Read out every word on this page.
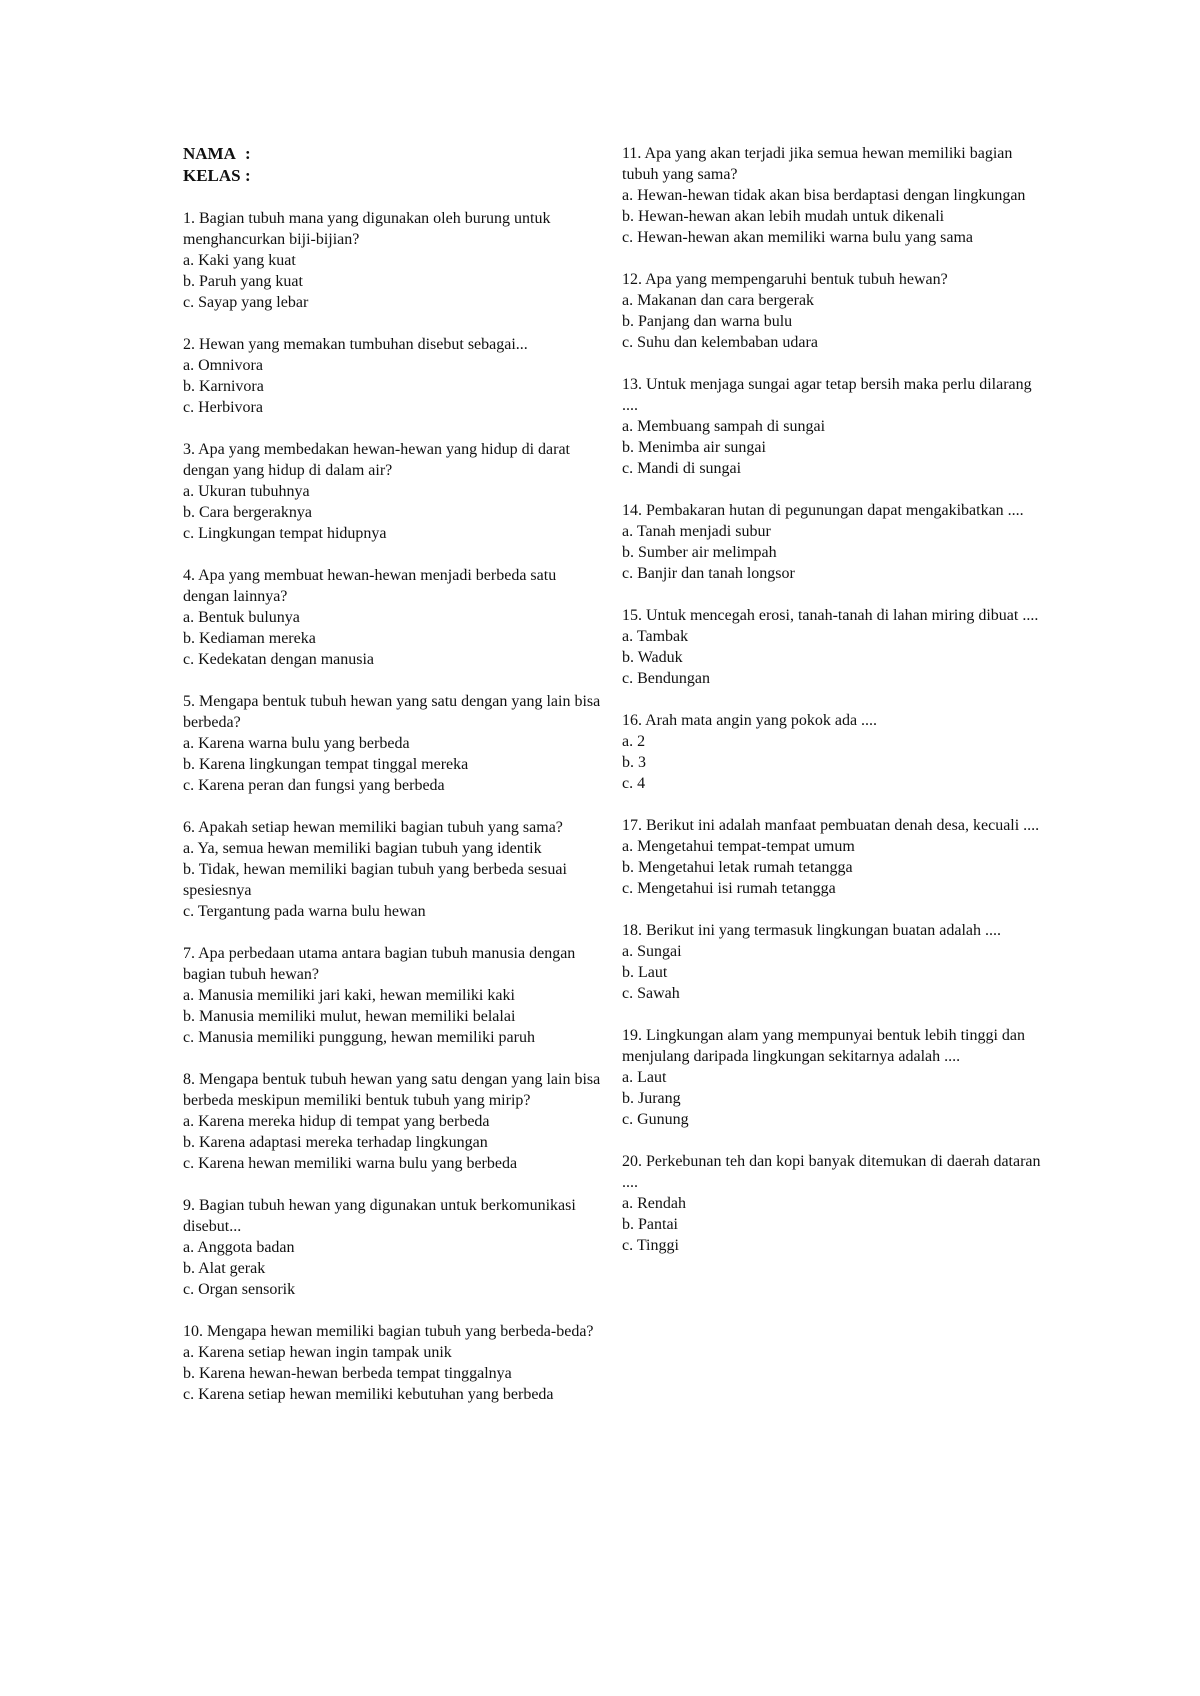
NAMA :
KELAS :
1. Bagian tubuh mana yang digunakan oleh burung untuk menghancurkan biji-bijian?
a. Kaki yang kuat
b. Paruh yang kuat
c. Sayap yang lebar
2. Hewan yang memakan tumbuhan disebut sebagai...
a. Omnivora
b. Karnivora
c. Herbivora
3. Apa yang membedakan hewan-hewan yang hidup di darat dengan yang hidup di dalam air?
a. Ukuran tubuhnya
b. Cara bergeraknya
c. Lingkungan tempat hidupnya
4. Apa yang membuat hewan-hewan menjadi berbeda satu dengan lainnya?
a. Bentuk bulunya
b. Kediaman mereka
c. Kedekatan dengan manusia
5. Mengapa bentuk tubuh hewan yang satu dengan yang lain bisa berbeda?
a. Karena warna bulu yang berbeda
b. Karena lingkungan tempat tinggal mereka
c. Karena peran dan fungsi yang berbeda
6. Apakah setiap hewan memiliki bagian tubuh yang sama?
a. Ya, semua hewan memiliki bagian tubuh yang identik
b. Tidak, hewan memiliki bagian tubuh yang berbeda sesuai spesiesnya
c. Tergantung pada warna bulu hewan
7. Apa perbedaan utama antara bagian tubuh manusia dengan bagian tubuh hewan?
a. Manusia memiliki jari kaki, hewan memiliki kaki
b. Manusia memiliki mulut, hewan memiliki belalai
c. Manusia memiliki punggung, hewan memiliki paruh
8. Mengapa bentuk tubuh hewan yang satu dengan yang lain bisa berbeda meskipun memiliki bentuk tubuh yang mirip?
a. Karena mereka hidup di tempat yang berbeda
b. Karena adaptasi mereka terhadap lingkungan
c. Karena hewan memiliki warna bulu yang berbeda
9. Bagian tubuh hewan yang digunakan untuk berkomunikasi disebut...
a. Anggota badan
b. Alat gerak
c. Organ sensorik
10. Mengapa hewan memiliki bagian tubuh yang berbeda-beda?
a. Karena setiap hewan ingin tampak unik
b. Karena hewan-hewan berbeda tempat tinggalnya
c. Karena setiap hewan memiliki kebutuhan yang berbeda
11. Apa yang akan terjadi jika semua hewan memiliki bagian tubuh yang sama?
a. Hewan-hewan tidak akan bisa berdaptasi dengan lingkungan
b. Hewan-hewan akan lebih mudah untuk dikenali
c. Hewan-hewan akan memiliki warna bulu yang sama
12. Apa yang mempengaruhi bentuk tubuh hewan?
a. Makanan dan cara bergerak
b. Panjang dan warna bulu
c. Suhu dan kelembaban udara
13. Untuk menjaga sungai agar tetap bersih maka perlu dilarang ....
a. Membuang sampah di sungai
b. Menimba air sungai
c. Mandi di sungai
14. Pembakaran hutan di pegunungan dapat mengakibatkan ....
a. Tanah menjadi subur
b. Sumber air melimpah
c. Banjir dan tanah longsor
15. Untuk mencegah erosi, tanah-tanah di lahan miring dibuat ....
a. Tambak
b. Waduk
c. Bendungan
16. Arah mata angin yang pokok ada ....
a. 2
b. 3
c. 4
17. Berikut ini adalah manfaat pembuatan denah desa, kecuali ....
a. Mengetahui tempat-tempat umum
b. Mengetahui letak rumah tetangga
c. Mengetahui isi rumah tetangga
18. Berikut ini yang termasuk lingkungan buatan adalah ....
a. Sungai
b. Laut
c. Sawah
19. Lingkungan alam yang mempunyai bentuk lebih tinggi dan menjulang daripada lingkungan sekitarnya adalah ....
a. Laut
b. Jurang
c. Gunung
20. Perkebunan teh dan kopi banyak ditemukan di daerah dataran ....
a. Rendah
b. Pantai
c. Tinggi
